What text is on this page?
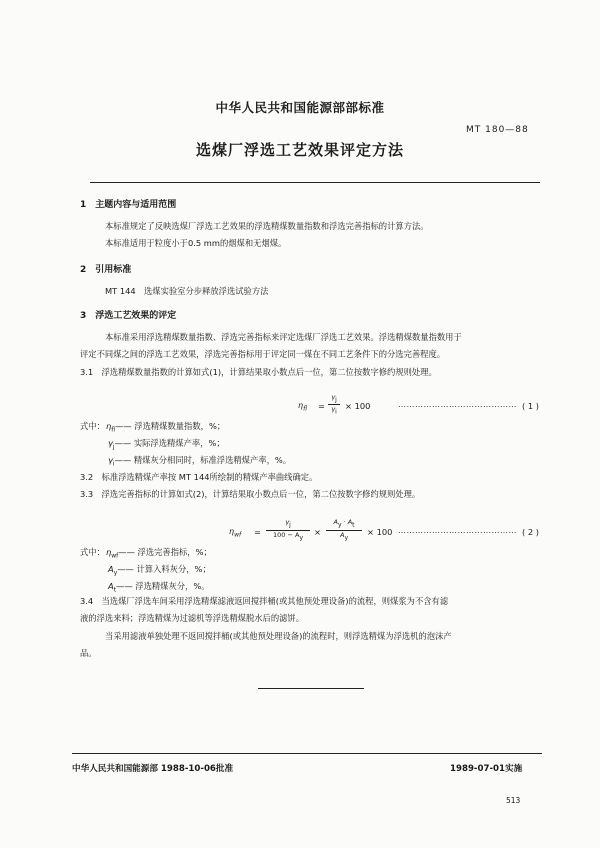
中华人民共和国能源部部标准
MT 180—88
选煤厂浮选工艺效果评定方法
1　主题内容与适用范围
本标准规定了反映选煤厂浮选工艺效果的浮选精煤数量指数和浮选完善指标的计算方法。
本标准适用于粒度小于0.5 mm的烟煤和无烟煤。
2　引用标准
MT 144　选煤实验室分步释放浮选试验方法
3　浮选工艺效果的评定
本标准采用浮选精煤数量指数、浮选完善指标来评定选煤厂浮选工艺效果。浮选精煤数量指数用于
评定不同煤之间的浮选工艺效果，浮选完善指标用于评定同一煤在不同工艺条件下的分选完善程度。
3.1　浮选精煤数量指数的计算如式(1)，计算结果取小数点后一位，第二位按数字修约规则处理。
$\eta_{fl}$ =
$\gamma_j$
$\gamma_i$
× 100	…………………………………… ( 1 )
式中： $\eta_{fl}——$ 浮选精煤数量指数，%；
$\gamma_j——$ 实际浮选精煤产率，%；
$\gamma_i——$ 精煤灰分相同时，标准浮选精煤产率，%。
3.2　标准浮选精煤产率按 MT 144所绘制的精煤产率曲线确定。
3.3　浮选完善指标的计算如式(2)，计算结果取小数点后一位，第二位按数字修约规则处理。
$\eta_{wf}$ =
$\gamma_j$
$100 - A_y$
×
$A_y \cdot A_t$
$A_y$
× 100 …………………………………… ( 2 )
式中： $\eta_{wf}——$ 浮选完善指标，%；
$A_y——$ 计算入料灰分，%；
$A_t——$ 浮选精煤灰分，%。
3.4　当选煤厂浮选车间采用浮选精煤滤液返回搅拌桶(或其他预处理设备)的流程，则煤浆为不含有滤
液的浮选来料；浮选精煤为过滤机等浮选精煤脱水后的滤饼。
当采用滤液单独处理不返回搅拌桶(或其他预处理设备)的流程时，则浮选精煤为浮选机的泡沫产
品。
中华人民共和国能源部 1988-10-06批准	1989-07-01实施
513
